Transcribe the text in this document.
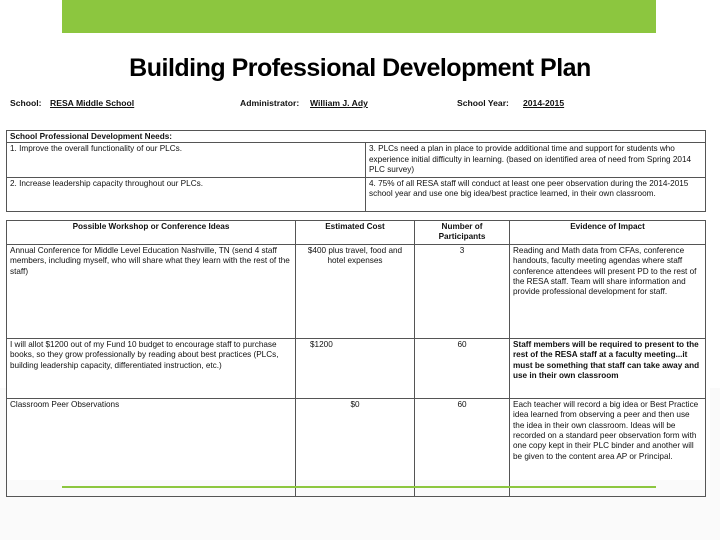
Building Professional Development Plan
School: RESA Middle School	Administrator: William J. Ady	School Year: 2014-2015
School Professional Development Needs:	
1. Improve the overall functionality of our PLCs.	3. PLCs need a plan in place to provide additional time and support for students who experience initial difficulty in learning. (based on identified area of need from Spring 2014 PLC survey)
2. Increase leadership capacity throughout our PLCs.	4. 75% of all RESA staff will conduct at least one peer observation during the 2014-2015 school year and use one big idea/best practice learned, in their own classroom.
Possible Workshop or Conference Ideas	Estimated Cost	Number of Participants	Evidence of Impact
Annual Conference for Middle Level Education Nashville, TN (send 4 staff members, including myself, who will share what they learn with the rest of the staff)	$400 plus travel, food and hotel expenses	3	Reading and Math data from CFAs, conference handouts, faculty meeting agendas where staff conference attendees will present PD to the rest of the RESA staff. Team will share information and provide professional development for staff.
I will allot $1200 out of my Fund 10 budget to encourage staff to purchase books, so they grow professionally by reading about best practices (PLCs, building leadership capacity, differentiated instruction, etc.)	$1200	60	Staff members will be required to present to the rest of the RESA staff at a faculty meeting...it must be something that staff can take away and use in their own classroom
Classroom Peer Observations	$0	60	Each teacher will record a big idea or Best Practice idea learned from observing a peer and then use the idea in their own classroom. Ideas will be recorded on a standard peer observation form with one copy kept in their PLC binder and another will be given to the content area AP or Principal.
